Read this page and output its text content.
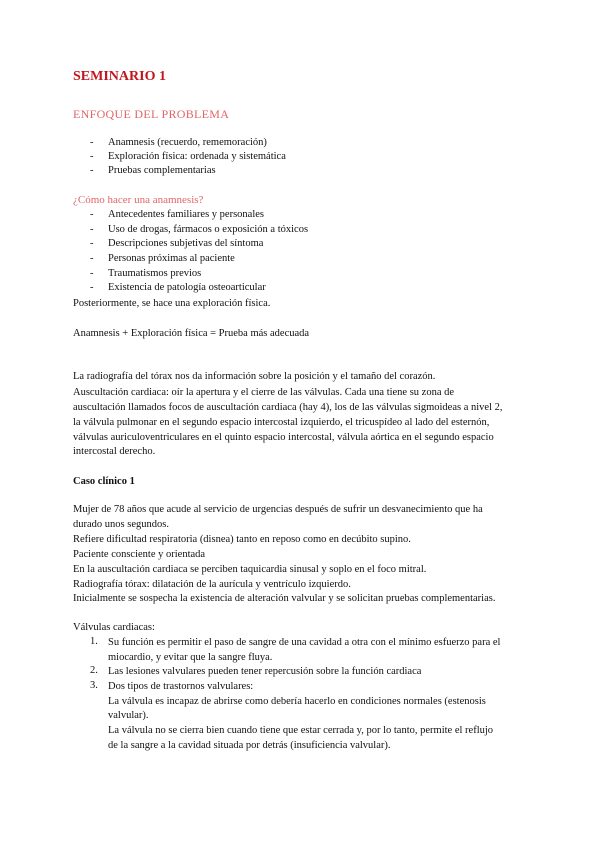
SEMINARIO 1
ENFOQUE DEL PROBLEMA
- Anamnesis (recuerdo, rememoración)
- Exploración física: ordenada y sistemática
- Pruebas complementarias
¿Cómo hacer una anamnesis?
- Antecedentes familiares y personales
- Uso de drogas, fármacos o exposición a tóxicos
- Descripciones subjetivas del síntoma
- Personas próximas al paciente
- Traumatismos previos
- Existencia de patología osteoarticular
Posteriormente, se hace una exploración física.
Anamnesis + Exploración física = Prueba más adecuada
La radiografía del tórax nos da información sobre la posición y el tamaño del corazón.
Auscultación cardiaca: oír la apertura y el cierre de las válvulas. Cada una tiene su zona de
auscultación llamados focos de auscultación cardiaca (hay 4), los de las válvulas sigmoideas a nivel 2,
la válvula pulmonar en el segundo espacio intercostal izquierdo, el tricuspídeo al lado del esternón,
válvulas auriculoventriculares en el quinto espacio intercostal, válvula aórtica en el segundo espacio
intercostal derecho.
Caso clínico 1
Mujer de 78 años que acude al servicio de urgencias después de sufrir un desvanecimiento que ha
durado unos segundos.
Refiere dificultad respiratoria (disnea) tanto en reposo como en decúbito supino.
Paciente consciente y orientada
En la auscultación cardiaca se perciben taquicardia sinusal y soplo en el foco mitral.
Radiografía tórax: dilatación de la aurícula y ventrículo izquierdo.
Inicialmente se sospecha la existencia de alteración valvular y se solicitan pruebas complementarias.
Válvulas cardiacas:
1. Su función es permitir el paso de sangre de una cavidad a otra con el mínimo esfuerzo para el
miocardio, y evitar que la sangre fluya.
2. Las lesiones valvulares pueden tener repercusión sobre la función cardiaca
3. Dos tipos de trastornos valvulares:
La válvula es incapaz de abrirse como debería hacerlo en condiciones normales (estenosis
valvular).
La válvula no se cierra bien cuando tiene que estar cerrada y, por lo tanto, permite el reflujo
de la sangre a la cavidad situada por detrás (insuficiencia valvular).
